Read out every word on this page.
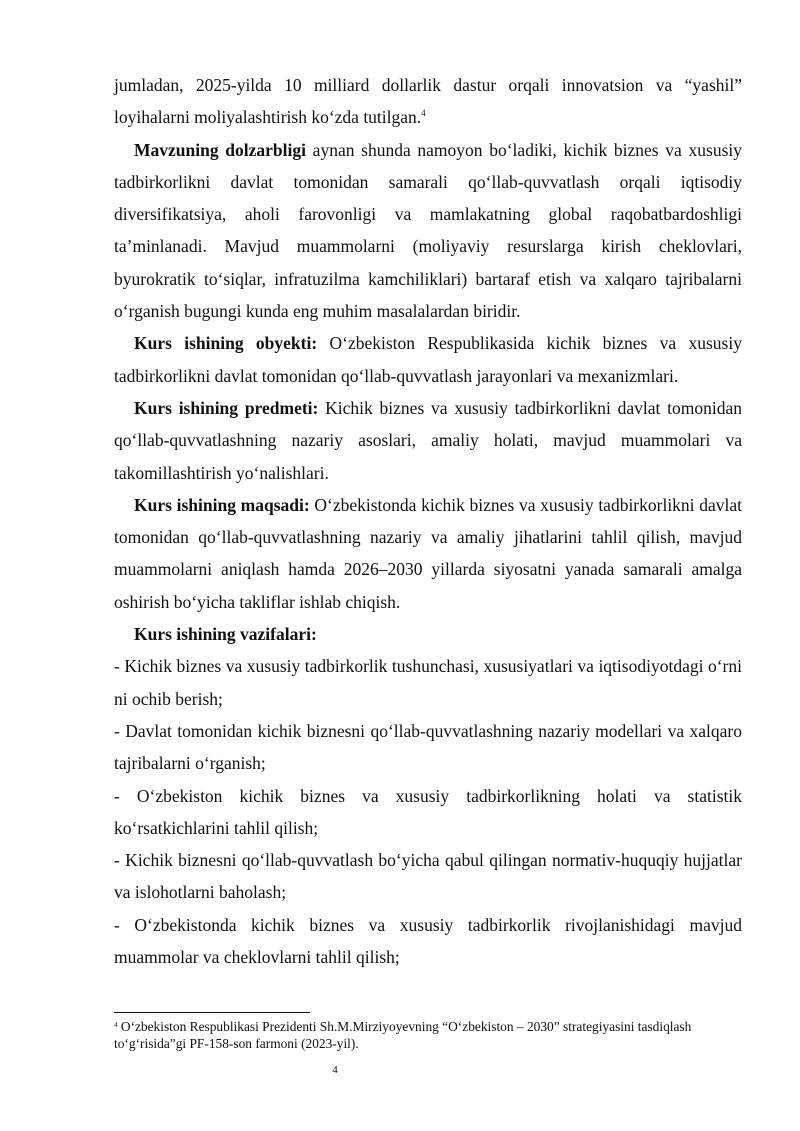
jumladan, 2025-yilda 10 milliard dollarlik dastur orqali innovatsion va “yashil” loyihalarni moliyalashtirish ko‘zda tutilgan.$^4$

Mavzuning dolzarbligi aynan shunda namoyon bo‘ladiki, kichik biznes va xususiy tadbirkorlikni davlat tomonidan samarali qo‘llab-quvvatlash orqali iqtisodiy diversifikatsiya, aholi farovonligi va mamlakatning global raqobatbardoshligi ta’minlanadi. Mavjud muammolarni (moliyaviy resurslarga kirish cheklovlari, byurokratik to‘siqlar, infratuzilma kamchiliklari) bartaraf etish va xalqaro tajribalarni o‘rganish bugungi kunda eng muhim masalalardan biridir.

Kurs ishining obyekti: O‘zbekiston Respublikasida kichik biznes va xususiy tadbirkorlikni davlat tomonidan qo‘llab-quvvatlash jarayonlari va mexanizmlari.

Kurs ishining predmeti: Kichik biznes va xususiy tadbirkorlikni davlat tomonidan qo‘llab-quvvatlashning nazariy asoslari, amaliy holati, mavjud muammolari va takomillashtirish yo‘nalishlari.

Kurs ishining maqsadi: O‘zbekistonda kichik biznes va xususiy tadbirkorlikni davlat tomonidan qo‘llab-quvvatlashning nazariy va amaliy jihatlarini tahlil qilish, mavjud muammolarni aniqlash hamda 2026–2030 yillarda siyosatni yanada samarali amalga oshirish bo‘yicha takliflar ishlab chiqish.

Kurs ishining vazifalari:

- Kichik biznes va xususiy tadbirkorlik tushunchasi, xususiyatlari va iqtisodiyotdagi o‘rni ni ochib berish;

- Davlat tomonidan kichik biznesni qo‘llab-quvvatlashning nazariy modellari va xalqaro tajribalarni o‘rganish;

- O‘zbekiston kichik biznes va xususiy tadbirkorlikning holati va statistik ko‘rsatkichlarini tahlil qilish;

- Kichik biznesni qo‘llab-quvvatlash bo‘yicha qabul qilingan normativ-huquqiy hujjatlar va islohotlarni baholash;

- O‘zbekistonda kichik biznes va xususiy tadbirkorlik rivojlanishidagi mavjud muammolar va cheklovlarni tahlil qilish;

$^4$ O‘zbekiston Respublikasi Prezidenti Sh.M.Mirziyoyevning “O‘zbekiston – 2030” strategiyasini tasdiqlash to‘g‘risida”gi PF-158-son farmoni (2023-yil).
4
